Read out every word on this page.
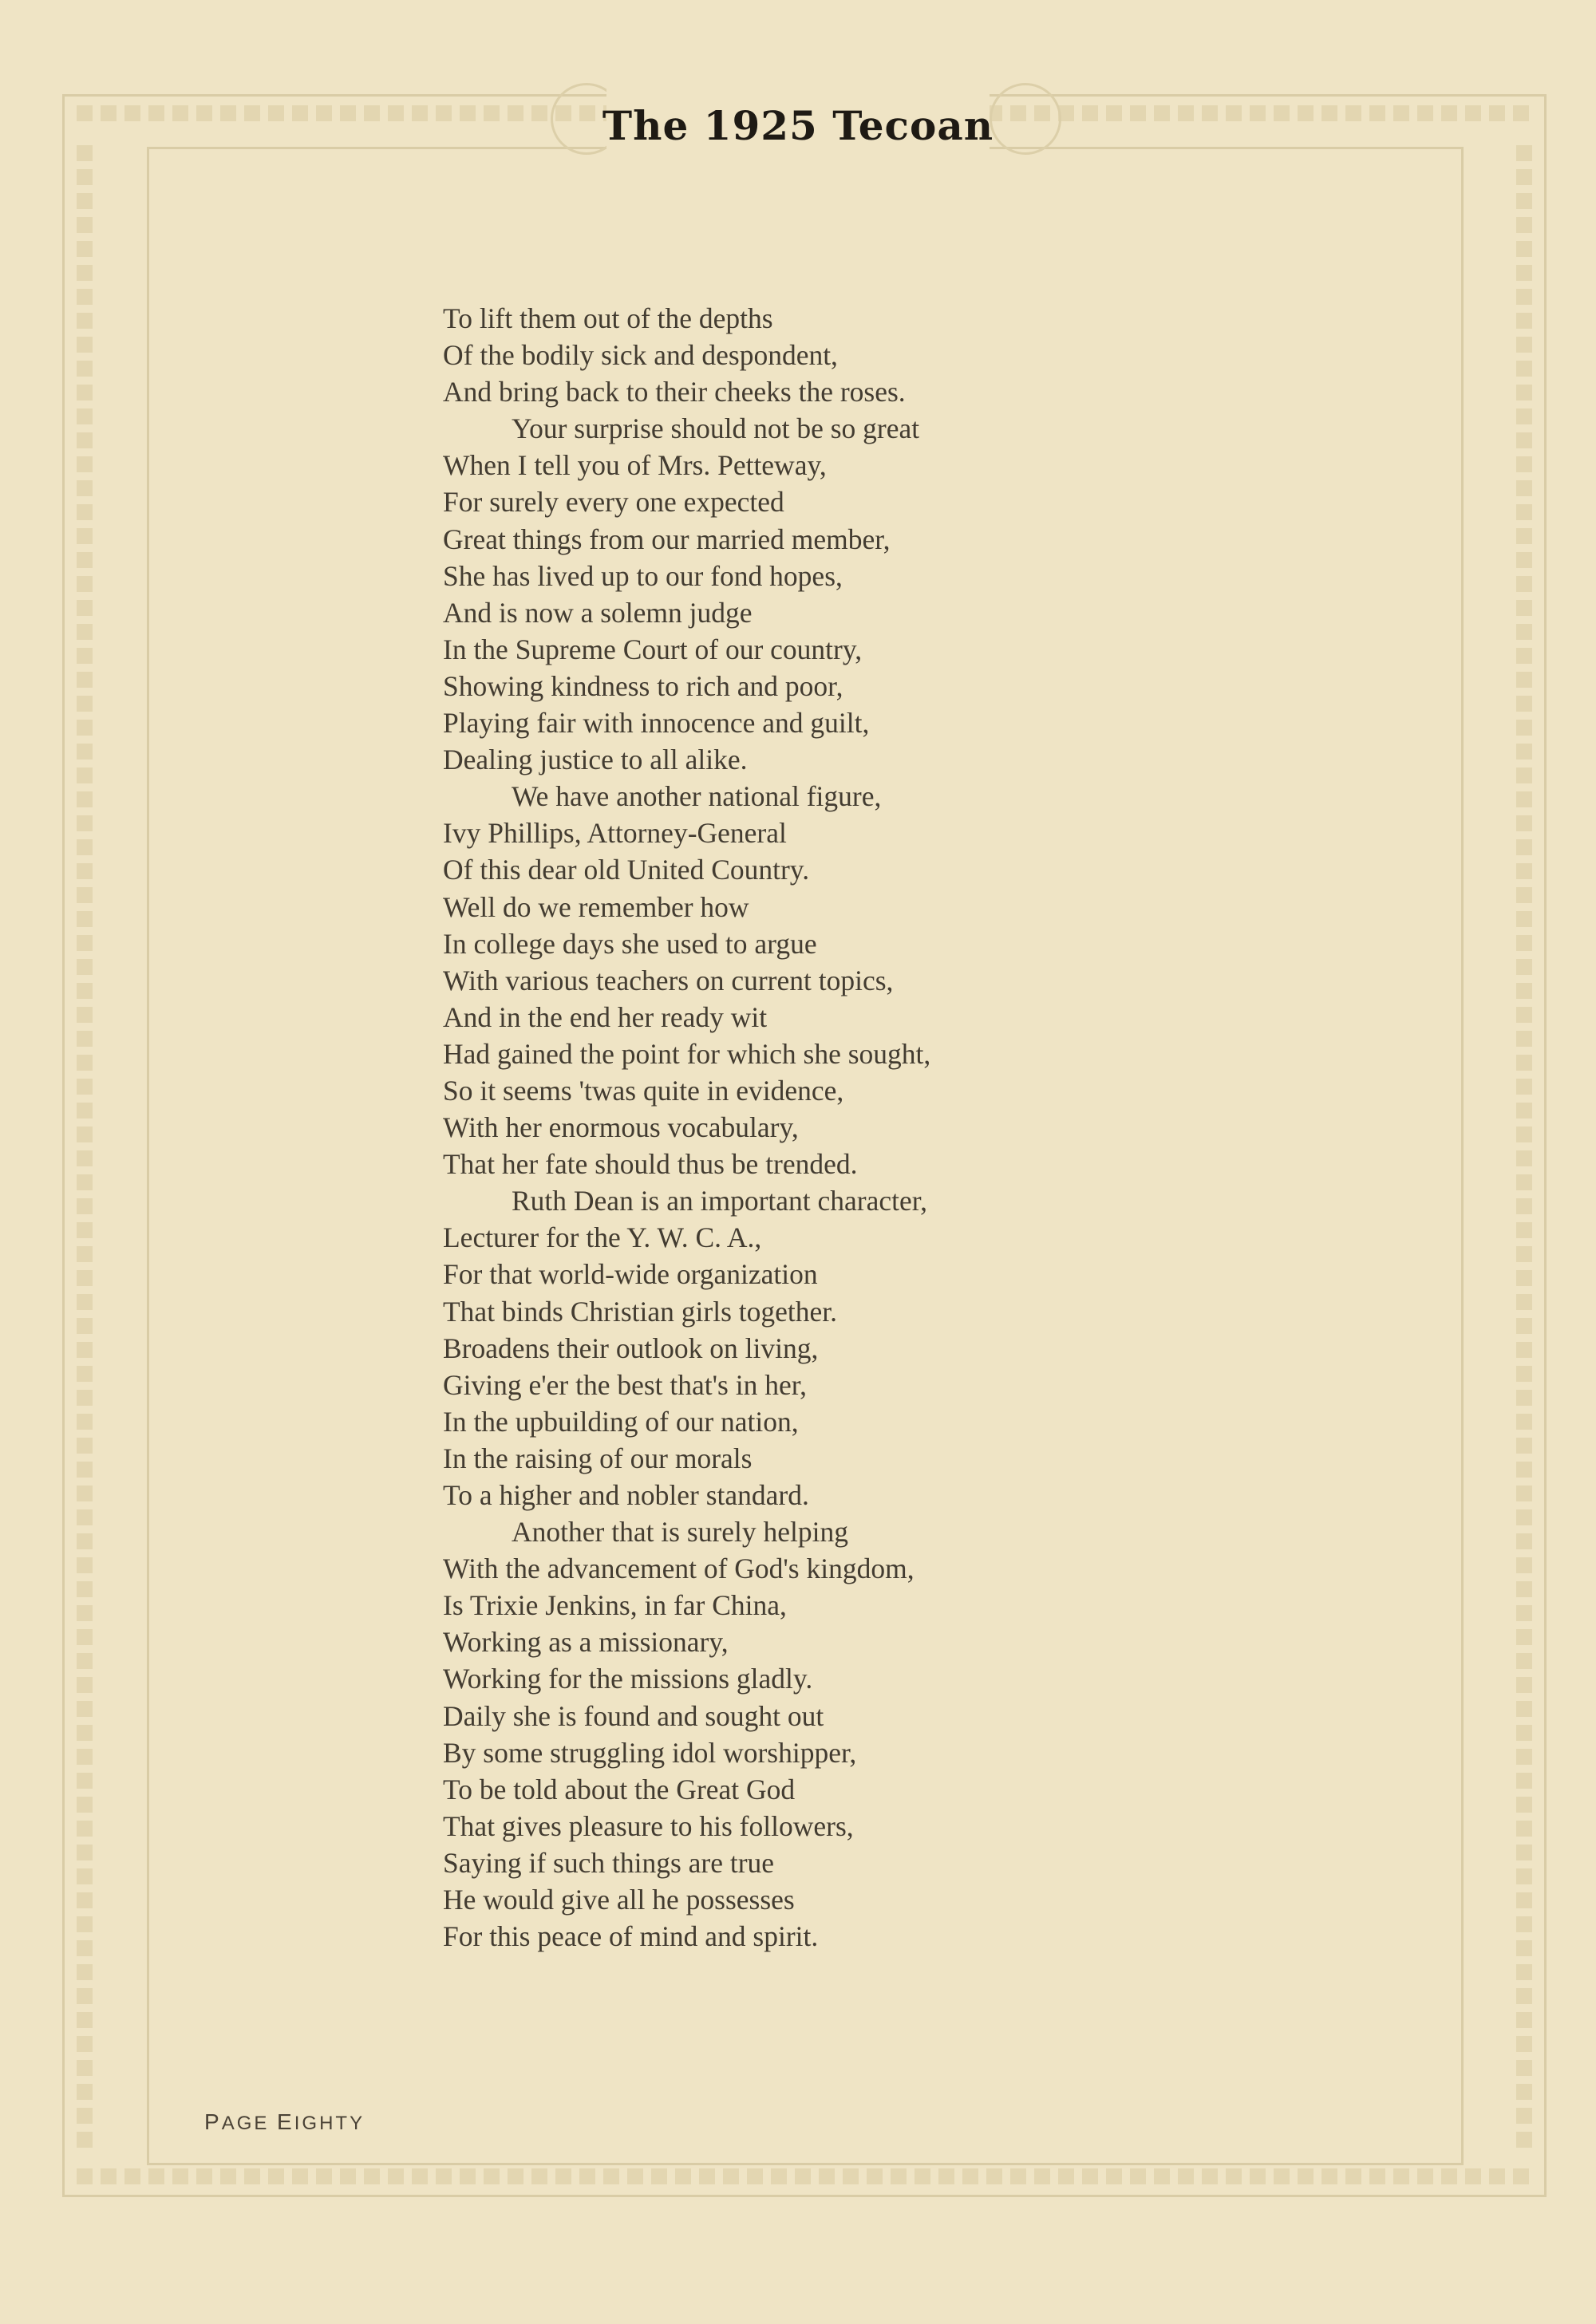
The 1925 Tecoan
To lift them out of the depths
Of the bodily sick and despondent,
And bring back to their cheeks the roses.
Your surprise should not be so great
When I tell you of Mrs. Petteway,
For surely every one expected
Great things from our married member,
She has lived up to our fond hopes,
And is now a solemn judge
In the Supreme Court of our country,
Showing kindness to rich and poor,
Playing fair with innocence and guilt,
Dealing justice to all alike.
We have another national figure,
Ivy Phillips, Attorney-General
Of this dear old United Country.
Well do we remember how
In college days she used to argue
With various teachers on current topics,
And in the end her ready wit
Had gained the point for which she sought,
So it seems 'twas quite in evidence,
With her enormous vocabulary,
That her fate should thus be trended.
Ruth Dean is an important character,
Lecturer for the Y. W. C. A.,
For that world-wide organization
That binds Christian girls together.
Broadens their outlook on living,
Giving e'er the best that's in her,
In the upbuilding of our nation,
In the raising of our morals
To a higher and nobler standard.
Another that is surely helping
With the advancement of God's kingdom,
Is Trixie Jenkins, in far China,
Working as a missionary,
Working for the missions gladly.
Daily she is found and sought out
By some struggling idol worshipper,
To be told about the Great God
That gives pleasure to his followers,
Saying if such things are true
He would give all he possesses
For this peace of mind and spirit.
PAGE EIGHTY
